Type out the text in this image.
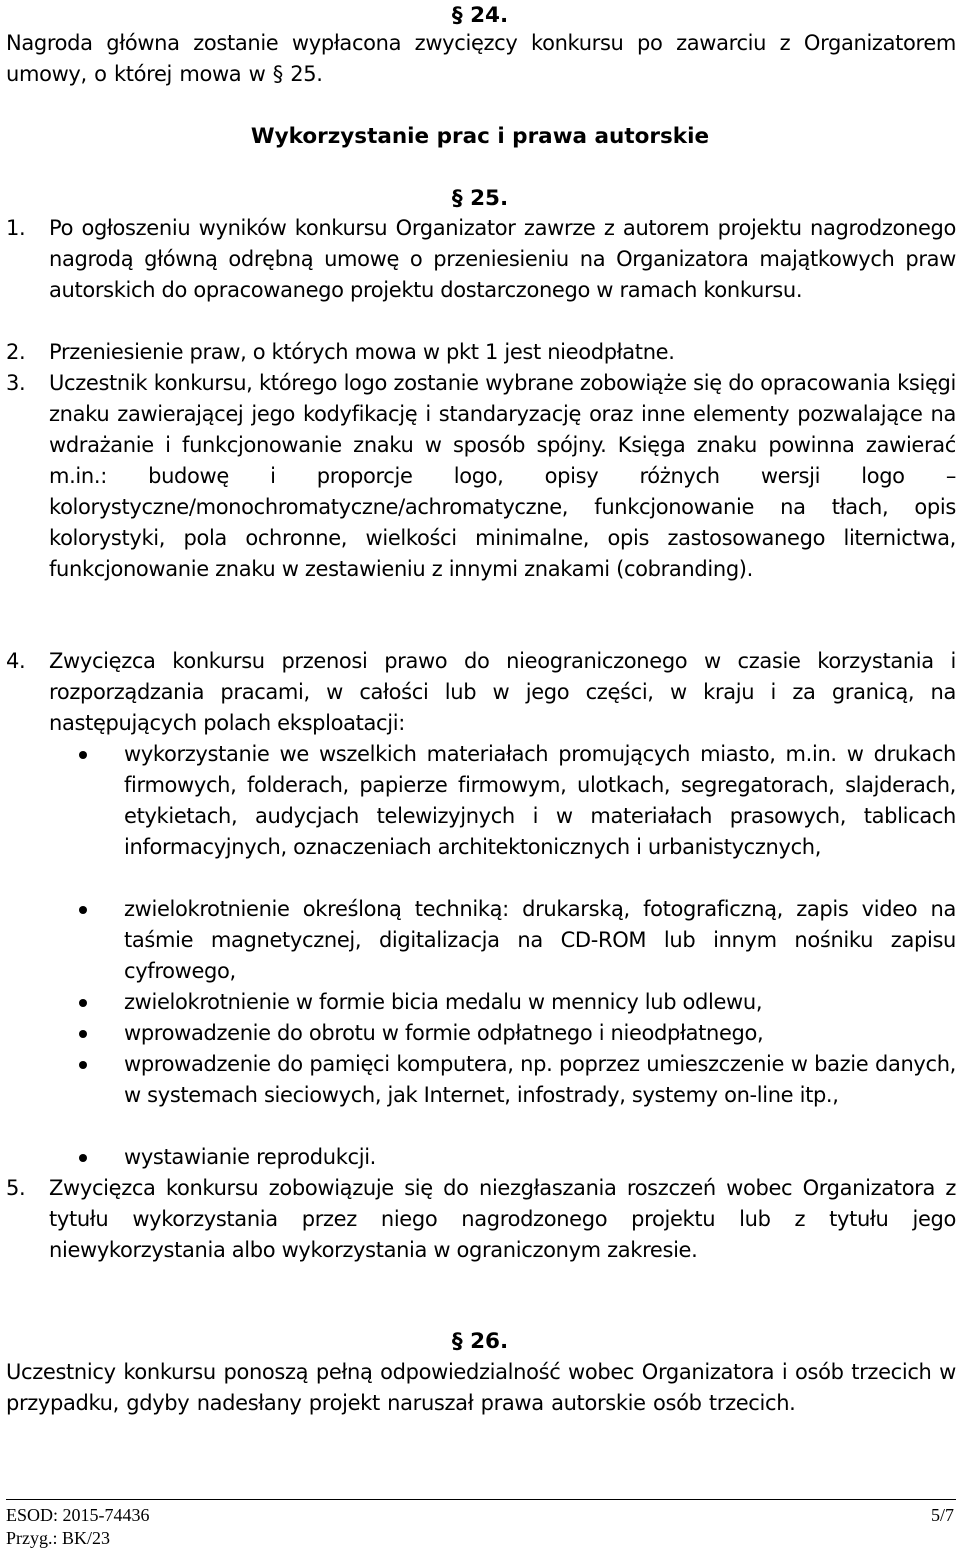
§ 24.
Nagroda główna zostanie wypłacona zwycięzcy konkursu po zawarciu z Organizatorem umowy, o której mowa w § 25.
Wykorzystanie prac i prawa autorskie
§ 25.
1. Po ogłoszeniu wyników konkursu Organizator zawrze z autorem projektu nagrodzonego nagrodą główną odrębną umowę o przeniesieniu na Organizatora majątkowych praw autorskich do opracowanego projektu dostarczonego w ramach konkursu.
2. Przeniesienie praw, o których mowa w pkt 1 jest nieodpłatne.
3. Uczestnik konkursu, którego logo zostanie wybrane zobowiąże się do opracowania księgi znaku zawierającej jego kodyfikację i standaryzację oraz inne elementy pozwalające na wdrażanie i funkcjonowanie znaku w sposób spójny. Księga znaku powinna zawierać m.in.: budowę i proporcje logo, opisy różnych wersji logo – kolorystyczne/monochromatyczne/achromatyczne, funkcjonowanie na tłach, opis kolorystyki, pola ochronne, wielkości minimalne, opis zastosowanego liternictwa, funkcjonowanie znaku w zestawieniu z innymi znakami (cobranding).
4. Zwycięzca konkursu przenosi prawo do nieograniczonego w czasie korzystania i rozporządzania pracami, w całości lub w jego części, w kraju i za granicą, na następujących polach eksploatacji:
wykorzystanie we wszelkich materiałach promujących miasto, m.in. w drukach firmowych, folderach, papierze firmowym, ulotkach, segregatorach, slajderach, etykietach, audycjach telewizyjnych i w materiałach prasowych, tablicach informacyjnych, oznaczeniach architektonicznych i urbanistycznych,
zwielokrotnienie określoną techniką: drukarską, fotograficzną, zapis video na taśmie magnetycznej, digitalizacja na CD-ROM lub innym nośniku zapisu cyfrowego,
zwielokrotnienie w formie bicia medalu w mennicy lub odlewu,
wprowadzenie do obrotu w formie odpłatnego i nieodpłatnego,
wprowadzenie do pamięci komputera, np. poprzez umieszczenie w bazie danych, w systemach sieciowych, jak Internet, infostrady, systemy on-line itp.,
wystawianie reprodukcji.
5. Zwycięzca konkursu zobowiązuje się do niezgłaszania roszczeń wobec Organizatora z tytułu wykorzystania przez niego nagrodzonego projektu lub z tytułu jego niewykorzystania albo wykorzystania w ograniczonym zakresie.
§ 26.
Uczestnicy konkursu ponoszą pełną odpowiedzialność wobec Organizatora i osób trzecich w przypadku, gdyby nadesłany projekt naruszał prawa autorskie osób trzecich.
ESOD: 2015-74436	5/7
Przyg.: BK/23
